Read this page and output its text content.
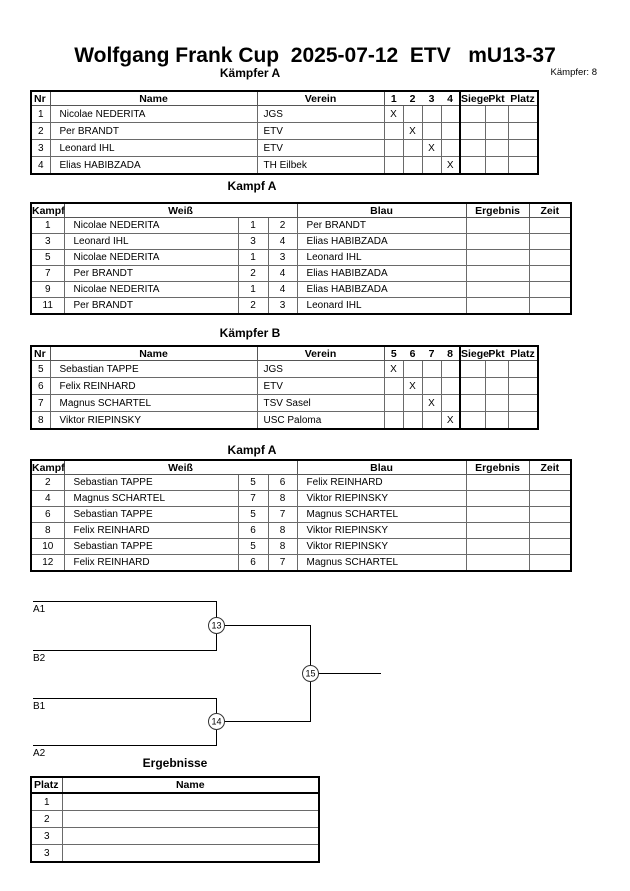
Wolfgang Frank Cup  2025-07-12  ETV   mU13-37
Kämpfer: 8
Kämpfer A
Nr	Name	Verein	1	2	3	4	Siege	Pkt	Platz
1	Nicolae NEDERITA	JGS	X						
2	Per BRANDT	ETV		X					
3	Leonard IHL	ETV			X				
4	Elias HABIBZADA	TH Eilbek				X			
Kampf A
Kampf	Weiß			Blau	Ergebnis	Zeit
1	Nicolae NEDERITA	1	2	Per BRANDT		
3	Leonard IHL	3	4	Elias HABIBZADA		
5	Nicolae NEDERITA	1	3	Leonard IHL		
7	Per BRANDT	2	4	Elias HABIBZADA		
9	Nicolae NEDERITA	1	4	Elias HABIBZADA		
11	Per BRANDT	2	3	Leonard IHL		
Kämpfer B
Nr	Name	Verein	5	6	7	8	Siege	Pkt	Platz
5	Sebastian TAPPE	JGS	X						
6	Felix REINHARD	ETV		X					
7	Magnus SCHARTEL	TSV Sasel			X				
8	Viktor RIEPINSKY	USC Paloma				X			
Kampf A
Kampf	Weiß			Blau	Ergebnis	Zeit
2	Sebastian TAPPE	5	6	Felix REINHARD		
4	Magnus SCHARTEL	7	8	Viktor RIEPINSKY		
6	Sebastian TAPPE	5	7	Magnus SCHARTEL		
8	Felix REINHARD	6	8	Viktor RIEPINSKY		
10	Sebastian TAPPE	5	8	Viktor RIEPINSKY		
12	Felix REINHARD	6	7	Magnus SCHARTEL		
13
14
15
A1
B2
B1
A2
Ergebnisse
Platz	Name
1	
2	
3	
3	
